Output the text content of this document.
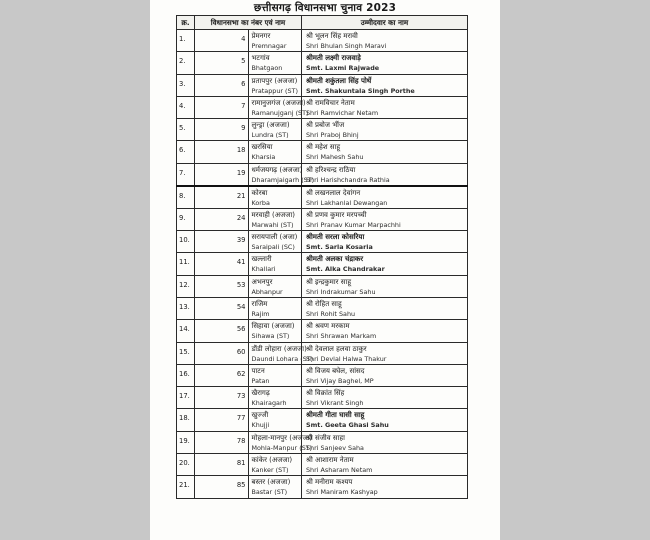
छत्तीसगढ़ विधानसभा चुनाव 2023
क्र.	विधानसभा का नंबर एवं नाम		उम्मीदवार का नाम
1.	4	प्रेमनगर
Premnagar	श्री भूलन सिंह मरावी
Shri Bhulan Singh Maravi

2.	5	भटगांव
Bhatgaon	श्रीमती लक्ष्मी राजवाड़े
Smt. Laxmi Rajwade

3.	6	प्रतापपुर (अजजा)
Pratappur (ST)	श्रीमती शकुंतला सिंह पोर्थे
Smt. Shakuntala Singh Porthe

4.	7	रामानुजगंज (अजजा)
Ramanujganj (ST)	श्री रामविचार नेताम
Shri Ramvichar Netam

5.	9	लुन्ड्रा (अजजा)
Lundra (ST)	श्री प्रबोज भींज
Shri Praboj Bhinj

6.	18	खरसिया
Kharsia	श्री महेश साहू
Shri Mahesh Sahu

7.	19	धर्मजयगढ़ (अजजा)
Dharamjaigarh (ST)	श्री हरिश्चन्द्र राठिया
Shri Harishchandra Rathia

8.	21	कोरबा
Korba	श्री लखनलाल देवांगन
Shri Lakhanlal Dewangan

9.	24	मरवाही (अजजा)
Marwahi (ST)	श्री प्रणव कुमार मरपच्ची
Shri Pranav Kumar Marpachhi

10.	39	सरायपाली (अजा)
Saraipali (SC)	श्रीमती सरला कोसरिया
Smt. Sarla Kosaria

11.	41	खल्लारी
Khallari	श्रीमती अलका चंद्राकर
Smt. Alka Chandrakar

12.	53	अभनपुर
Abhanpur	श्री इन्द्रकुमार साहू
Shri Indrakumar Sahu

13.	54	राजिम
Rajim	श्री रोहित साहू
Shri Rohit Sahu

14.	56	सिहावा (अजजा)
Sihawa (ST)	श्री श्रवण मरकाम
Shri Shrawan Markam

15.	60	डौंडी लोहारा (अजजा)
Daundi Lohara (ST)	श्री देवलाल हलवा ठाकुर
Shri Devlal Halwa Thakur

16.	62	पाटन
Patan	श्री विजय बघेल, सांसद
Shri Vijay Baghel, MP

17.	73	खैरागढ़
Khairagarh	श्री विक्रांत सिंह
Shri Vikrant Singh

18.	77	खुज्जी
Khujji	श्रीमती गीता घासी साहू
Smt. Geeta Ghasi Sahu

19.	78	मोहला-मानपुर (अजजा)
Mohla-Manpur (ST)	श्री संजीव साहा
Shri Sanjeev Saha

20.	81	कांकेर (अजजा)
Kanker (ST)	श्री आशाराम नेताम
Shri Asharam Netam

21.	85	बस्तर (अजजा)
Bastar (ST)	श्री मनीराम कश्यप
Shri Maniram Kashyap
